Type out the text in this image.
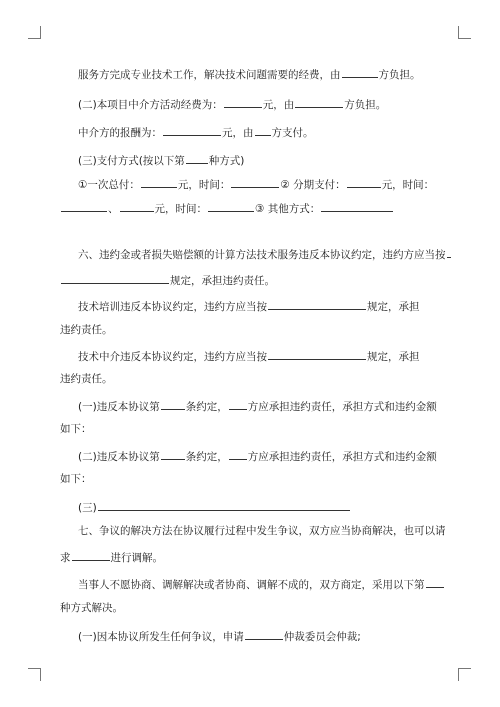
服务方完成专业技术工作，解决技术问题需要的经费，由	方负担。
(二)本项目中介方活动经费为：	元，由	方负担。
中介方的报酬为：	元，由 方支付。
(三)支付方式(按以下第 种方式)
①一次总付：	元，时间：	② 分期支付：	元，时间：
、	元，时间：	③ 其他方式：
六、违约金或者损失赔偿额的计算方法技术服务违反本协议约定，违约方应当按
规定，承担违约责任。
技术培训违反本协议约定，违约方应当按	规定，承担
违约责任。
技术中介违反本协议约定，违约方应当按	规定，承担
违约责任。
(一)违反本协议第 条约定， 方应承担违约责任，承担方式和违约金额
如下：
(二)违反本协议第 条约定， 方应承担违约责任，承担方式和违约金额
如下：
(三)
七、争议的解决方法在协议履行过程中发生争议，双方应当协商解决，也可以请
求	进行调解。
当事人不愿协商、调解解决或者协商、调解不成的，双方商定，采用以下第
种方式解决。
(一)因本协议所发生任何争议，申请	仲裁委员会仲裁;
